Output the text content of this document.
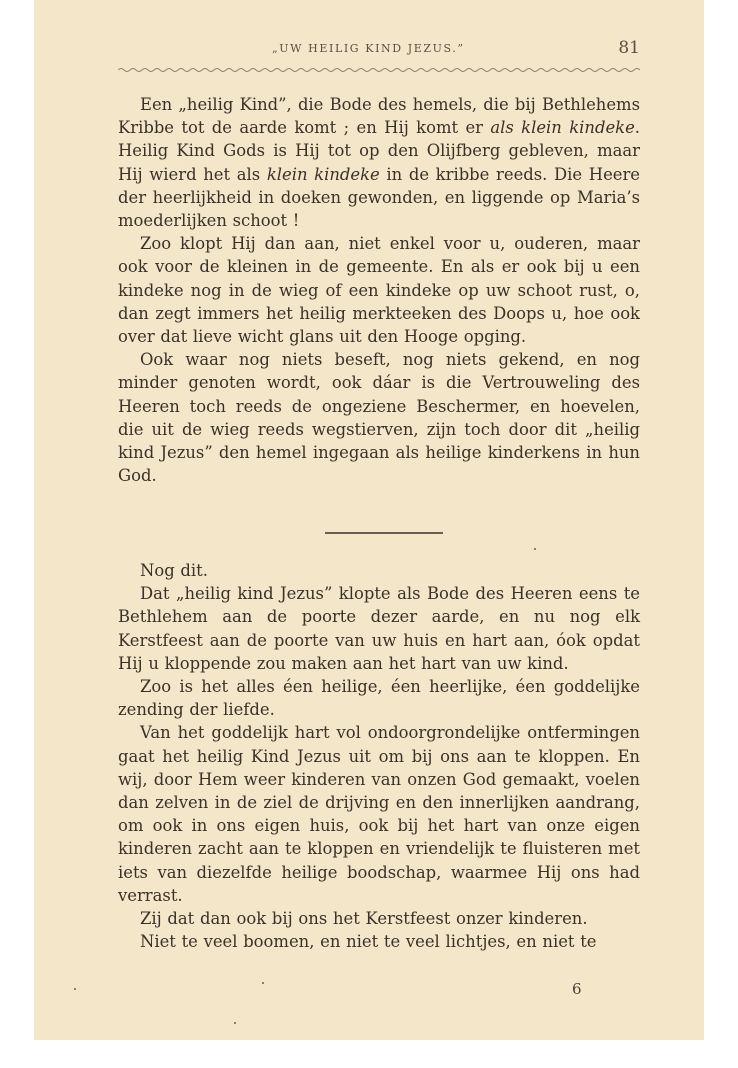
„UW HEILIG KIND JEZUS.”	81

Een „heilig Kind”, die Bode des hemels, die bij Bethlehems Kribbe tot de aarde komt ; en Hij komt er als klein kindeke. Heilig Kind Gods is Hij tot op den Olijfberg gebleven, maar Hij wierd het als klein kindeke in de kribbe reeds. Die Heere der heerlijkheid in doeken gewonden, en liggende op Maria’s moederlijken schoot !

Zoo klopt Hij dan aan, niet enkel voor u, ouderen, maar ook voor de kleinen in de gemeente. En als er ook bij u een kindeke nog in de wieg of een kindeke op uw schoot rust, o, dan zegt immers het heilig merkteeken des Doops u, hoe ook over dat lieve wicht glans uit den Hooge opging.

Ook waar nog niets beseft, nog niets gekend, en nog minder genoten wordt, ook dáar is die Vertrouweling des Heeren toch reeds de ongeziene Beschermer, en hoevelen, die uit de wieg reeds wegstierven, zijn toch door dit „heilig kind Jezus” den hemel ingegaan als heilige kinderkens in hun God.

Nog dit.

Dat „heilig kind Jezus” klopte als Bode des Heeren eens te Bethlehem aan de poorte dezer aarde, en nu nog elk Kerstfeest aan de poorte van uw huis en hart aan, óok opdat Hij u kloppende zou maken aan het hart van uw kind.

Zoo is het alles éen heilige, éen heerlijke, éen goddelijke zending der liefde.

Van het goddelijk hart vol ondoorgrondelijke ontfermingen gaat het heilig Kind Jezus uit om bij ons aan te kloppen. En wij, door Hem weer kinderen van onzen God gemaakt, voelen dan zelven in de ziel de drijving en den innerlijken aandrang, om ook in ons eigen huis, ook bij het hart van onze eigen kinderen zacht aan te kloppen en vriendelijk te fluisteren met iets van diezelfde heilige boodschap, waarmee Hij ons had verrast.

Zij dat dan ook bij ons het Kerstfeest onzer kinderen.

Niet te veel boomen, en niet te veel lichtjes, en niet te

6
